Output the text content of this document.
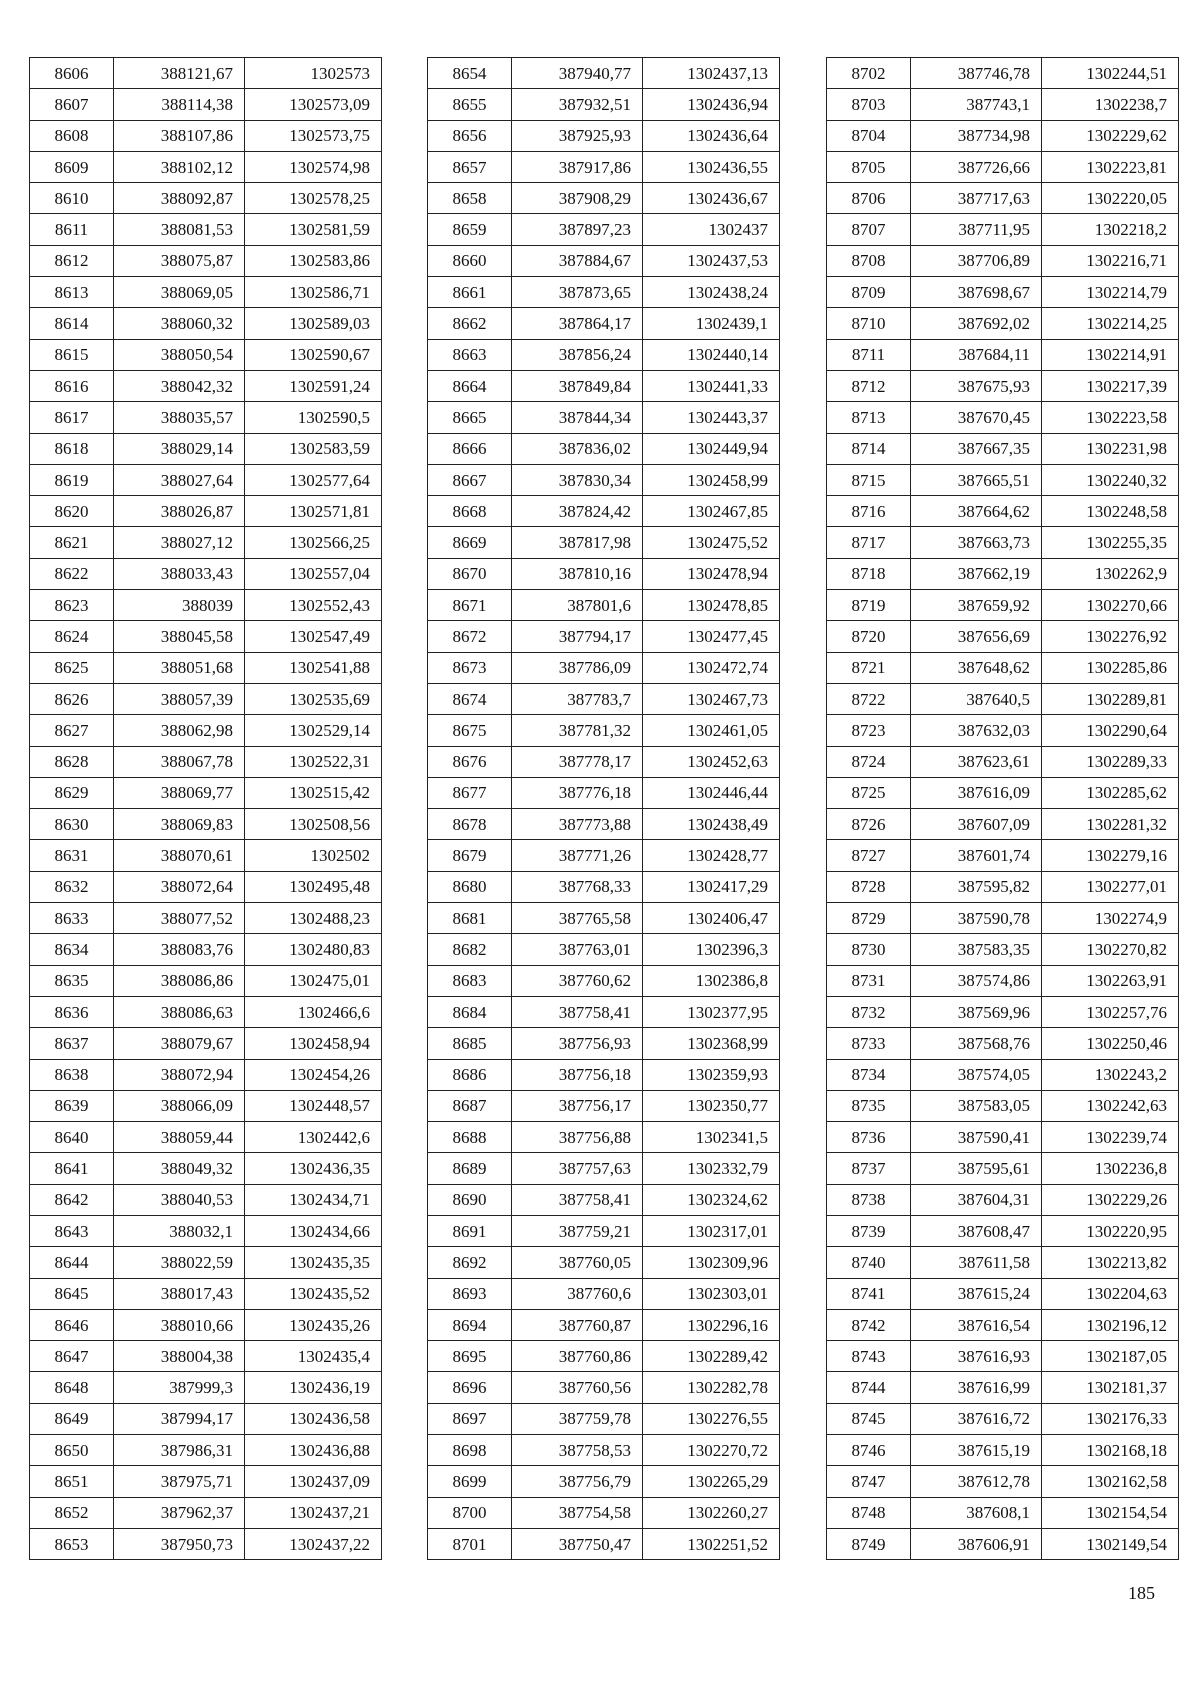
8606	388121,67	1302573
8607	388114,38	1302573,09
8608	388107,86	1302573,75
8609	388102,12	1302574,98
8610	388092,87	1302578,25
8611	388081,53	1302581,59
8612	388075,87	1302583,86
8613	388069,05	1302586,71
8614	388060,32	1302589,03
8615	388050,54	1302590,67
8616	388042,32	1302591,24
8617	388035,57	1302590,5
8618	388029,14	1302583,59
8619	388027,64	1302577,64
8620	388026,87	1302571,81
8621	388027,12	1302566,25
8622	388033,43	1302557,04
8623	388039	1302552,43
8624	388045,58	1302547,49
8625	388051,68	1302541,88
8626	388057,39	1302535,69
8627	388062,98	1302529,14
8628	388067,78	1302522,31
8629	388069,77	1302515,42
8630	388069,83	1302508,56
8631	388070,61	1302502
8632	388072,64	1302495,48
8633	388077,52	1302488,23
8634	388083,76	1302480,83
8635	388086,86	1302475,01
8636	388086,63	1302466,6
8637	388079,67	1302458,94
8638	388072,94	1302454,26
8639	388066,09	1302448,57
8640	388059,44	1302442,6
8641	388049,32	1302436,35
8642	388040,53	1302434,71
8643	388032,1	1302434,66
8644	388022,59	1302435,35
8645	388017,43	1302435,52
8646	388010,66	1302435,26
8647	388004,38	1302435,4
8648	387999,3	1302436,19
8649	387994,17	1302436,58
8650	387986,31	1302436,88
8651	387975,71	1302437,09
8652	387962,37	1302437,21
8653	387950,73	1302437,22
8654	387940,77	1302437,13
8655	387932,51	1302436,94
8656	387925,93	1302436,64
8657	387917,86	1302436,55
8658	387908,29	1302436,67
8659	387897,23	1302437
8660	387884,67	1302437,53
8661	387873,65	1302438,24
8662	387864,17	1302439,1
8663	387856,24	1302440,14
8664	387849,84	1302441,33
8665	387844,34	1302443,37
8666	387836,02	1302449,94
8667	387830,34	1302458,99
8668	387824,42	1302467,85
8669	387817,98	1302475,52
8670	387810,16	1302478,94
8671	387801,6	1302478,85
8672	387794,17	1302477,45
8673	387786,09	1302472,74
8674	387783,7	1302467,73
8675	387781,32	1302461,05
8676	387778,17	1302452,63
8677	387776,18	1302446,44
8678	387773,88	1302438,49
8679	387771,26	1302428,77
8680	387768,33	1302417,29
8681	387765,58	1302406,47
8682	387763,01	1302396,3
8683	387760,62	1302386,8
8684	387758,41	1302377,95
8685	387756,93	1302368,99
8686	387756,18	1302359,93
8687	387756,17	1302350,77
8688	387756,88	1302341,5
8689	387757,63	1302332,79
8690	387758,41	1302324,62
8691	387759,21	1302317,01
8692	387760,05	1302309,96
8693	387760,6	1302303,01
8694	387760,87	1302296,16
8695	387760,86	1302289,42
8696	387760,56	1302282,78
8697	387759,78	1302276,55
8698	387758,53	1302270,72
8699	387756,79	1302265,29
8700	387754,58	1302260,27
8701	387750,47	1302251,52
8702	387746,78	1302244,51
8703	387743,1	1302238,7
8704	387734,98	1302229,62
8705	387726,66	1302223,81
8706	387717,63	1302220,05
8707	387711,95	1302218,2
8708	387706,89	1302216,71
8709	387698,67	1302214,79
8710	387692,02	1302214,25
8711	387684,11	1302214,91
8712	387675,93	1302217,39
8713	387670,45	1302223,58
8714	387667,35	1302231,98
8715	387665,51	1302240,32
8716	387664,62	1302248,58
8717	387663,73	1302255,35
8718	387662,19	1302262,9
8719	387659,92	1302270,66
8720	387656,69	1302276,92
8721	387648,62	1302285,86
8722	387640,5	1302289,81
8723	387632,03	1302290,64
8724	387623,61	1302289,33
8725	387616,09	1302285,62
8726	387607,09	1302281,32
8727	387601,74	1302279,16
8728	387595,82	1302277,01
8729	387590,78	1302274,9
8730	387583,35	1302270,82
8731	387574,86	1302263,91
8732	387569,96	1302257,76
8733	387568,76	1302250,46
8734	387574,05	1302243,2
8735	387583,05	1302242,63
8736	387590,41	1302239,74
8737	387595,61	1302236,8
8738	387604,31	1302229,26
8739	387608,47	1302220,95
8740	387611,58	1302213,82
8741	387615,24	1302204,63
8742	387616,54	1302196,12
8743	387616,93	1302187,05
8744	387616,99	1302181,37
8745	387616,72	1302176,33
8746	387615,19	1302168,18
8747	387612,78	1302162,58
8748	387608,1	1302154,54
8749	387606,91	1302149,54
185
